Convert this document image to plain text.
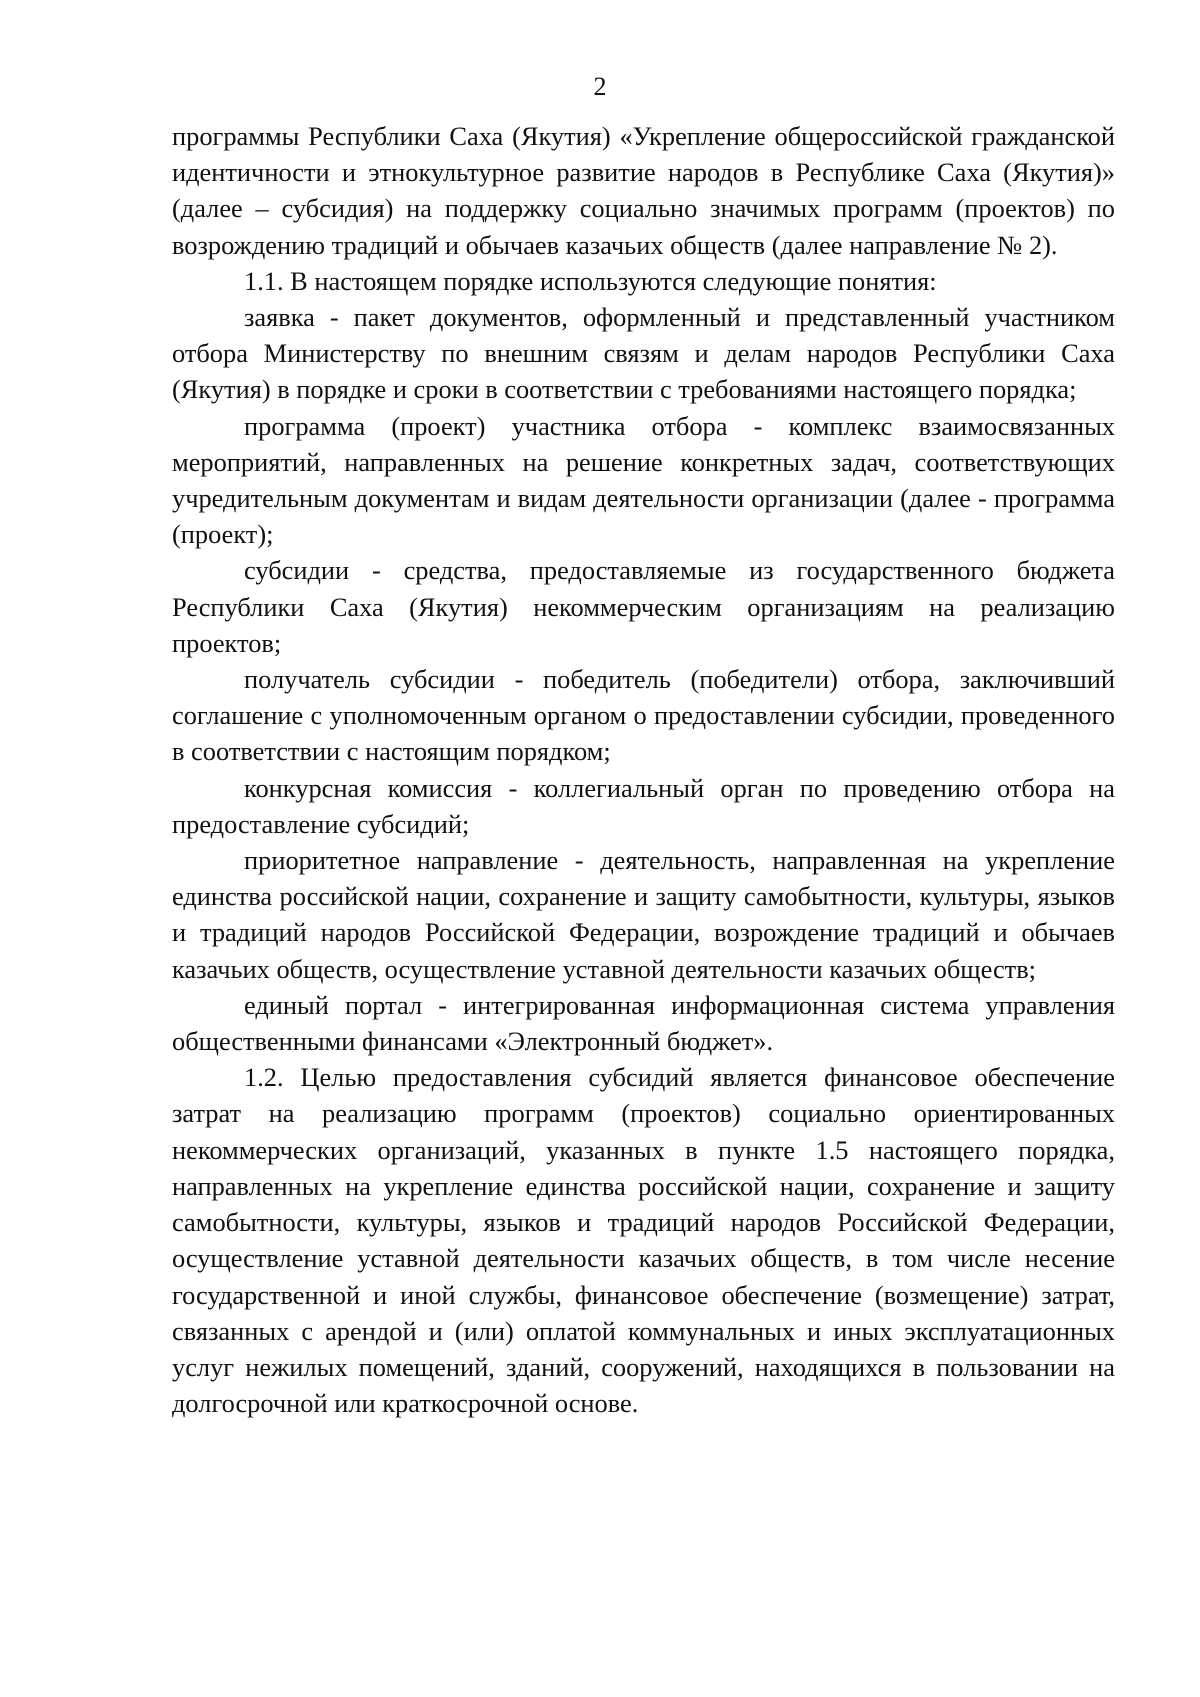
2

программы Республики Саха (Якутия) «Укрепление общероссийской гражданской идентичности и этнокультурное развитие народов в Республике Саха (Якутия)» (далее – субсидия) на поддержку социально значимых программ (проектов) по возрождению традиций и обычаев казачьих обществ (далее направление № 2).

1.1. В настоящем порядке используются следующие понятия:

заявка - пакет документов, оформленный и представленный участником отбора Министерству по внешним связям и делам народов Республики Саха (Якутия) в порядке и сроки в соответствии с требованиями настоящего порядка;

программа (проект) участника отбора - комплекс взаимосвязанных мероприятий, направленных на решение конкретных задач, соответствующих учредительным документам и видам деятельности организации (далее - программа (проект);

субсидии - средства, предоставляемые из государственного бюджета Республики Саха (Якутия) некоммерческим организациям на реализацию проектов;

получатель субсидии - победитель (победители) отбора, заключивший соглашение с уполномоченным органом о предоставлении субсидии, проведенного в соответствии с настоящим порядком;

конкурсная комиссия - коллегиальный орган по проведению отбора на предоставление субсидий;

приоритетное направление - деятельность, направленная на укрепление единства российской нации, сохранение и защиту самобытности, культуры, языков и традиций народов Российской Федерации, возрождение традиций и обычаев казачьих обществ, осуществление уставной деятельности казачьих обществ;

единый портал - интегрированная информационная система управления общественными финансами «Электронный бюджет».

1.2. Целью предоставления субсидий является финансовое обеспечение затрат на реализацию программ (проектов) социально ориентированных некоммерческих организаций, указанных в пункте 1.5 настоящего порядка, направленных на укрепление единства российской нации, сохранение и защиту самобытности, культуры, языков и традиций народов Российской Федерации, осуществление уставной деятельности казачьих обществ, в том числе несение государственной и иной службы, финансовое обеспечение (возмещение) затрат, связанных с арендой и (или) оплатой коммунальных и иных эксплуатационных услуг нежилых помещений, зданий, сооружений, находящихся в пользовании на долгосрочной или краткосрочной основе.
